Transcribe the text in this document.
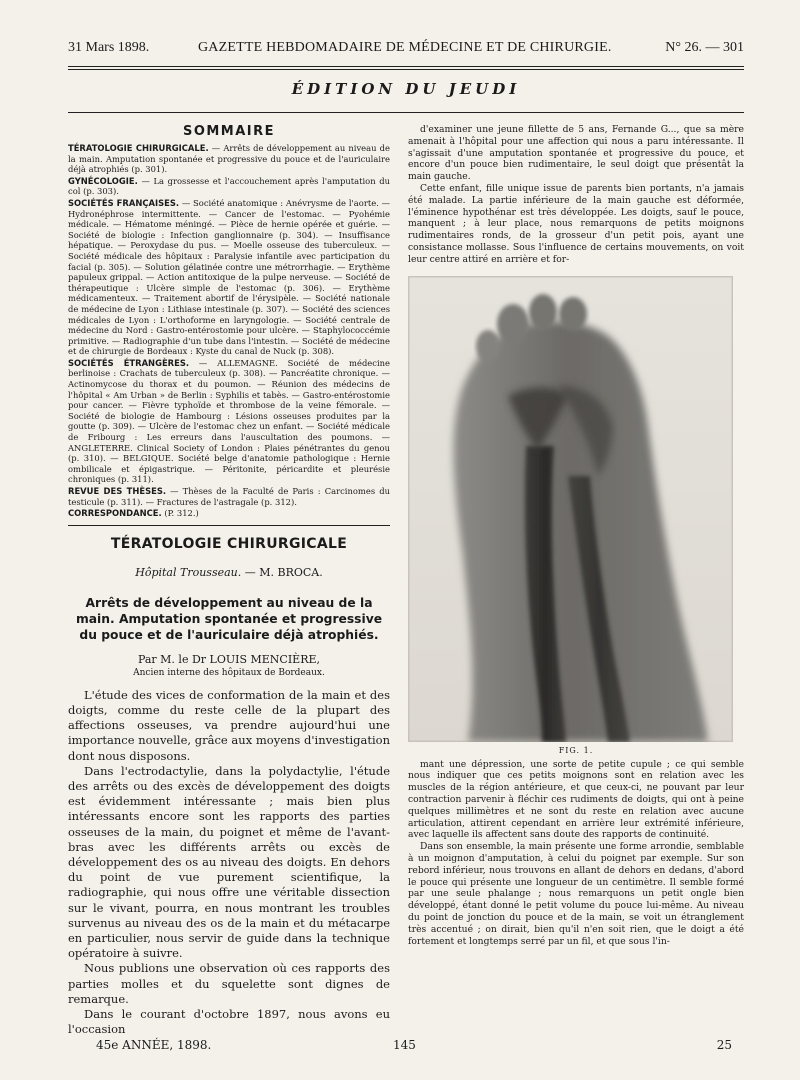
31 Mars 1898.	GAZETTE HEBDOMADAIRE DE MÉDECINE ET DE CHIRURGIE.	N° 26. — 301
ÉDITION DU JEUDI
SOMMAIRE

TÉRATOLOGIE CHIRURGICALE. — Arrêts de développement au niveau de la main. Amputation spontanée et progressive du pouce et de l'auriculaire déjà atrophiés (p. 301).

GYNÉCOLOGIE. — La grossesse et l'accouchement après l'amputation du col (p. 303).

SOCIÉTÉS FRANÇAISES. — Société anatomique : Anévrysme de l'aorte. — Hydronéphrose intermittente. — Cancer de l'estomac. — Pyohémie médicale. — Hématome méningé. — Pièce de hernie opérée et guérie. — Société de biologie : Infection ganglionnaire (p. 304). — Insuffisance hépatique. — Peroxydase du pus. — Moelle osseuse des tuberculeux. — Société médicale des hôpitaux : Paralysie infantile avec participation du facial (p. 305). — Solution gélatinée contre une métrorrhagie. — Erythème papuleux grippal. — Action antitoxique de la pulpe nerveuse. — Société de thérapeutique : Ulcère simple de l'estomac (p. 306). — Erythème médicamenteux. — Traitement abortif de l'érysipèle. — Société nationale de médecine de Lyon : Lithiase intestinale (p. 307). — Société des sciences médicales de Lyon : L'orthoforme en laryngologie. — Société centrale de médecine du Nord : Gastro-entérostomie pour ulcère. — Staphylococcémie primitive. — Radiographie d'un tube dans l'intestin. — Société de médecine et de chirurgie de Bordeaux : Kyste du canal de Nuck (p. 308).

SOCIÉTÉS ÉTRANGÈRES. — ALLEMAGNE. Société de médecine berlinoise : Crachats de tuberculeux (p. 308). — Pancréatite chronique. — Actinomycose du thorax et du poumon. — Réunion des médecins de l'hôpital « Am Urban » de Berlin : Syphilis et tabès. — Gastro-entérostomie pour cancer. — Fièvre typhoïde et thrombose de la veine fémorale. — Société de biologie de Hambourg : Lésions osseuses produites par la goutte (p. 309). — Ulcère de l'estomac chez un enfant. — Société médicale de Fribourg : Les erreurs dans l'auscultation des poumons. — ANGLETERRE. Clinical Society of London : Plaies pénétrantes du genou (p. 310). — BELGIQUE. Société belge d'anatomie pathologique : Hernie ombilicale et épigastrique. — Péritonite, péricardite et pleurésie chroniques (p. 311).

REVUE DES THÈSES. — Thèses de la Faculté de Paris : Carcinomes du testicule (p. 311). — Fractures de l'astragale (p. 312).

CORRESPONDANCE. (P. 312.)

TÉRATOLOGIE CHIRURGICALE
Hôpital Trousseau. — M. BROCA.
Arrêts de développement au niveau de la main. Amputation spontanée et progressive du pouce et de l'auriculaire déjà atrophiés.
Par M. le Dr LOUIS MENCIÈRE,
Ancien interne des hôpitaux de Bordeaux.

L'étude des vices de conformation de la main et des doigts, comme du reste celle de la plupart des affections osseuses, va prendre aujourd'hui une importance nouvelle, grâce aux moyens d'investigation dont nous disposons.

Dans l'ectrodactylie, dans la polydactylie, l'étude des arrêts ou des excès de développement des doigts est évidemment intéressante ; mais bien plus intéressants encore sont les rapports des parties osseuses de la main, du poignet et même de l'avant-bras avec les différents arrêts ou excès de développement des os au niveau des doigts. En dehors du point de vue purement scientifique, la radiographie, qui nous offre une véritable dissection sur le vivant, pourra, en nous montrant les troubles survenus au niveau des os de la main et du métacarpe en particulier, nous servir de guide dans la technique opératoire à suivre.

Nous publions une observation où ces rapports des parties molles et du squelette sont dignes de remarque.

Dans le courant d'octobre 1897, nous avons eu l'occasion

d'examiner une jeune fillette de 5 ans, Fernande G..., que sa mère amenait à l'hôpital pour une affection qui nous a paru intéressante. Il s'agissait d'une amputation spontanée et progressive du pouce, et encore d'un pouce bien rudimentaire, le seul doigt que présentât la main gauche.

Cette enfant, fille unique issue de parents bien portants, n'a jamais été malade. La partie inférieure de la main gauche est déformée, l'éminence hypothénar est très développée. Les doigts, sauf le pouce, manquent ; à leur place, nous remarquons de petits moignons rudimentaires ronds, de la grosseur d'un petit pois, ayant une consistance mollasse. Sous l'influence de certains mouvements, on voit leur centre attiré en arrière et for-

FIG. 1.

mant une dépression, une sorte de petite cupule ; ce qui semble nous indiquer que ces petits moignons sont en relation avec les muscles de la région antérieure, et que ceux-ci, ne pouvant par leur contraction parvenir à fléchir ces rudiments de doigts, qui ont à peine quelques millimètres et ne sont du reste en relation avec aucune articulation, attirent cependant en arrière leur extrémité inférieure, avec laquelle ils affectent sans doute des rapports de continuité.

Dans son ensemble, la main présente une forme arrondie, semblable à un moignon d'amputation, à celui du poignet par exemple. Sur son rebord inférieur, nous trouvons en allant de dehors en dedans, d'abord le pouce qui présente une longueur de un centimètre. Il semble formé par une seule phalange ; nous remarquons un petit ongle bien développé, étant donné le petit volume du pouce lui-même. Au niveau du point de jonction du pouce et de la main, se voit un étranglement très accentué ; on dirait, bien qu'il n'en soit rien, que le doigt a été fortement et longtemps serré par un fil, et que sous l'in-

45e ANNÉE, 1898.	145	25
